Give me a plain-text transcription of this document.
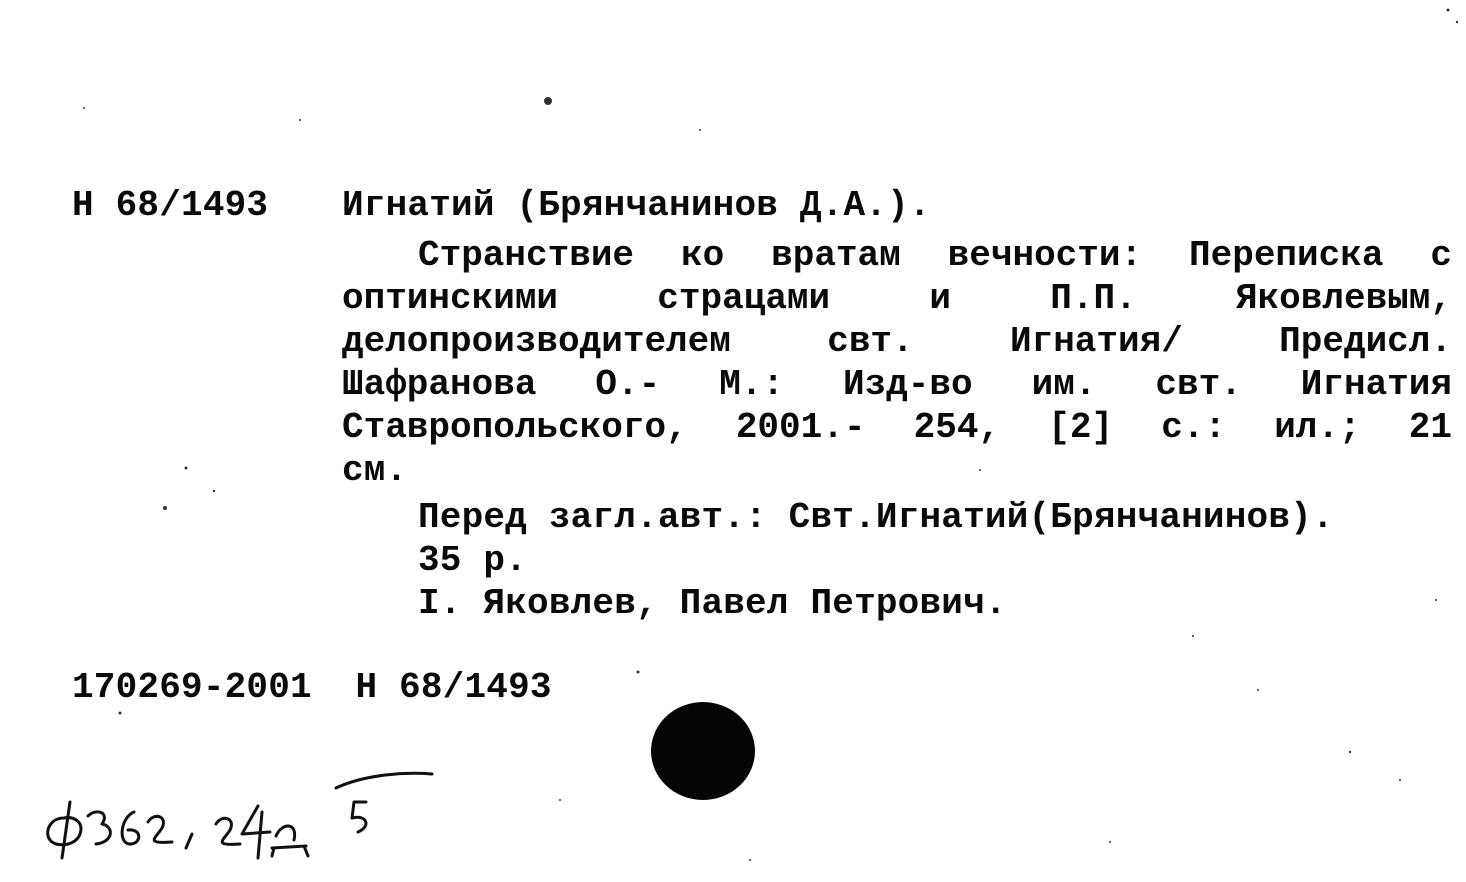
Н 68/1493 Игнатий (Брянчанинов Д.А.).
Странствие ко вратам вечности: Переписка с
оптинскими страцами и П.П. Яковлевым,
делопроизводителем свт. Игнатия/ Предисл.
Шафранова О.- М.: Изд-во им. свт. Игнатия
Ставропольского, 2001.- 254, [2] с.: ил.; 21
см.
Перед загл.авт.: Свт.Игнатий(Брянчанинов).
35 р.
I. Яковлев, Павел Петрович.
170269-2001  Н 68/1493
